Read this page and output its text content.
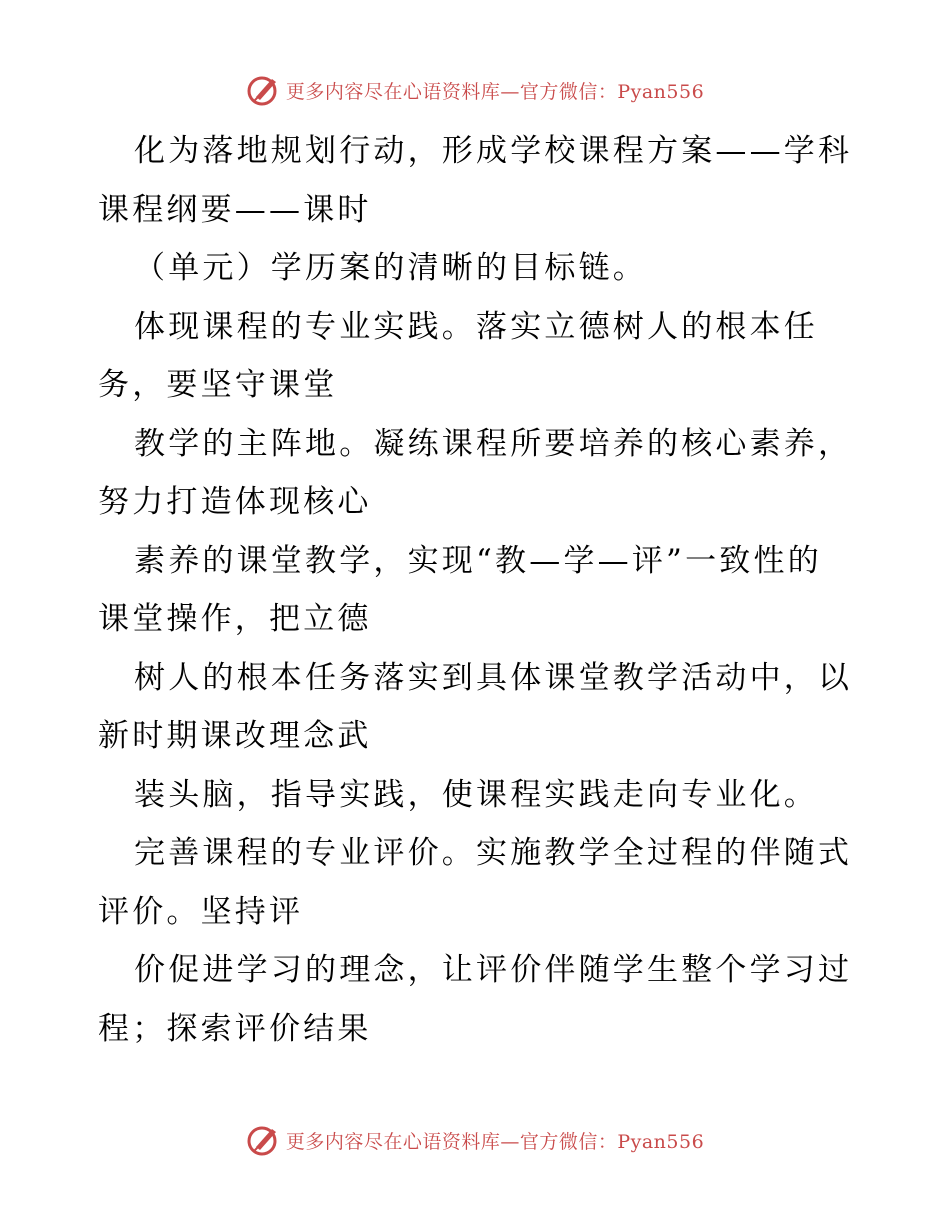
更多内容尽在心语资料库—官方微信：Pyan556

化为落地规划行动，形成学校课程方案——学科

课程纲要——课时

（单元）学历案的清晰的目标链。

体现课程的专业实践。落实立德树人的根本任

务，要坚守课堂

教学的主阵地。凝练课程所要培养的核心素养，

努力打造体现核心

素养的课堂教学，实现“教—学—评”一致性的

课堂操作，把立德

树人的根本任务落实到具体课堂教学活动中，以

新时期课改理念武

装头脑，指导实践，使课程实践走向专业化。

完善课程的专业评价。实施教学全过程的伴随式

评价。坚持评

价促进学习的理念，让评价伴随学生整个学习过

程；探索评价结果

更多内容尽在心语资料库—官方微信：Pyan556
